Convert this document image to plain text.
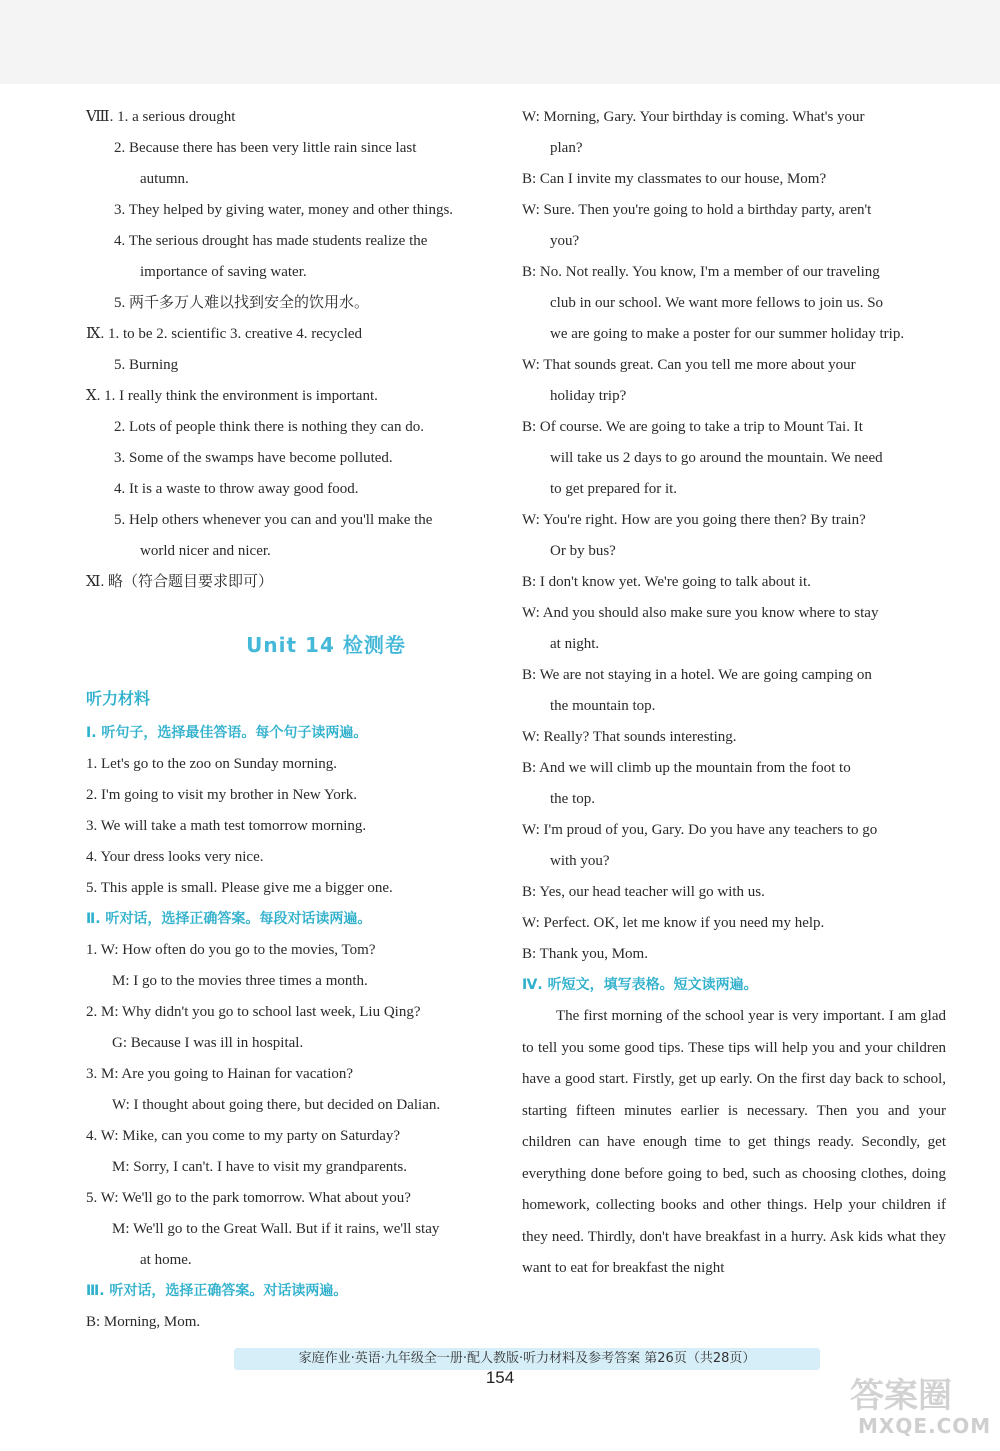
Ⅷ. 1. a serious drought
2. Because there has been very little rain since last
autumn.
3. They helped by giving water, money and other things.
4. The serious drought has made students realize the
importance of saving water.
5. 两千多万人难以找到安全的饮用水。
Ⅸ. 1. to be 2. scientific 3. creative 4. recycled
5. Burning
Ⅹ. 1. I really think the environment is important.
2. Lots of people think there is nothing they can do.
3. Some of the swamps have become polluted.
4. It is a waste to throw away good food.
5. Help others whenever you can and you'll make the
world nicer and nicer.
Ⅺ. 略（符合题目要求即可）
Unit 14 检测卷
听力材料
Ⅰ. 听句子，选择最佳答语。每个句子读两遍。
1. Let's go to the zoo on Sunday morning.
2. I'm going to visit my brother in New York.
3. We will take a math test tomorrow morning.
4. Your dress looks very nice.
5. This apple is small. Please give me a bigger one.
Ⅱ. 听对话，选择正确答案。每段对话读两遍。
1. W: How often do you go to the movies, Tom?
M: I go to the movies three times a month.
2. M: Why didn't you go to school last week, Liu Qing?
G: Because I was ill in hospital.
3. M: Are you going to Hainan for vacation?
W: I thought about going there, but decided on Dalian.
4. W: Mike, can you come to my party on Saturday?
M: Sorry, I can't. I have to visit my grandparents.
5. W: We'll go to the park tomorrow. What about you?
M: We'll go to the Great Wall. But if it rains, we'll stay
at home.
Ⅲ. 听对话，选择正确答案。对话读两遍。
B: Morning, Mom.
W: Morning, Gary. Your birthday is coming. What's your
plan?
B: Can I invite my classmates to our house, Mom?
W: Sure. Then you're going to hold a birthday party, aren't
you?
B: No. Not really. You know, I'm a member of our traveling
club in our school. We want more fellows to join us. So
we are going to make a poster for our summer holiday trip.
W: That sounds great. Can you tell me more about your
holiday trip?
B: Of course. We are going to take a trip to Mount Tai. It
will take us 2 days to go around the mountain. We need
to get prepared for it.
W: You're right. How are you going there then? By train?
Or by bus?
B: I don't know yet. We're going to talk about it.
W: And you should also make sure you know where to stay
at night.
B: We are not staying in a hotel. We are going camping on
the mountain top.
W: Really? That sounds interesting.
B: And we will climb up the mountain from the foot to
the top.
W: I'm proud of you, Gary. Do you have any teachers to go
with you?
B: Yes, our head teacher will go with us.
W: Perfect. OK, let me know if you need my help.
B: Thank you, Mom.
Ⅳ. 听短文，填写表格。短文读两遍。
The first morning of the school year is very important. I am glad to tell you some good tips. These tips will help you and your children have a good start. Firstly, get up early. On the first day back to school, starting fifteen minutes earlier is necessary. Then you and your children can have enough time to get things ready. Secondly, get everything done before going to bed, such as choosing clothes, doing homework, collecting books and other things. Help your children if they need. Thirdly, don't have breakfast in a hurry. Ask kids what they want to eat for breakfast the night
家庭作业·英语·九年级全一册·配人教版·听力材料及参考答案 第26页（共28页）
154	答案圈
MXQE.COM
